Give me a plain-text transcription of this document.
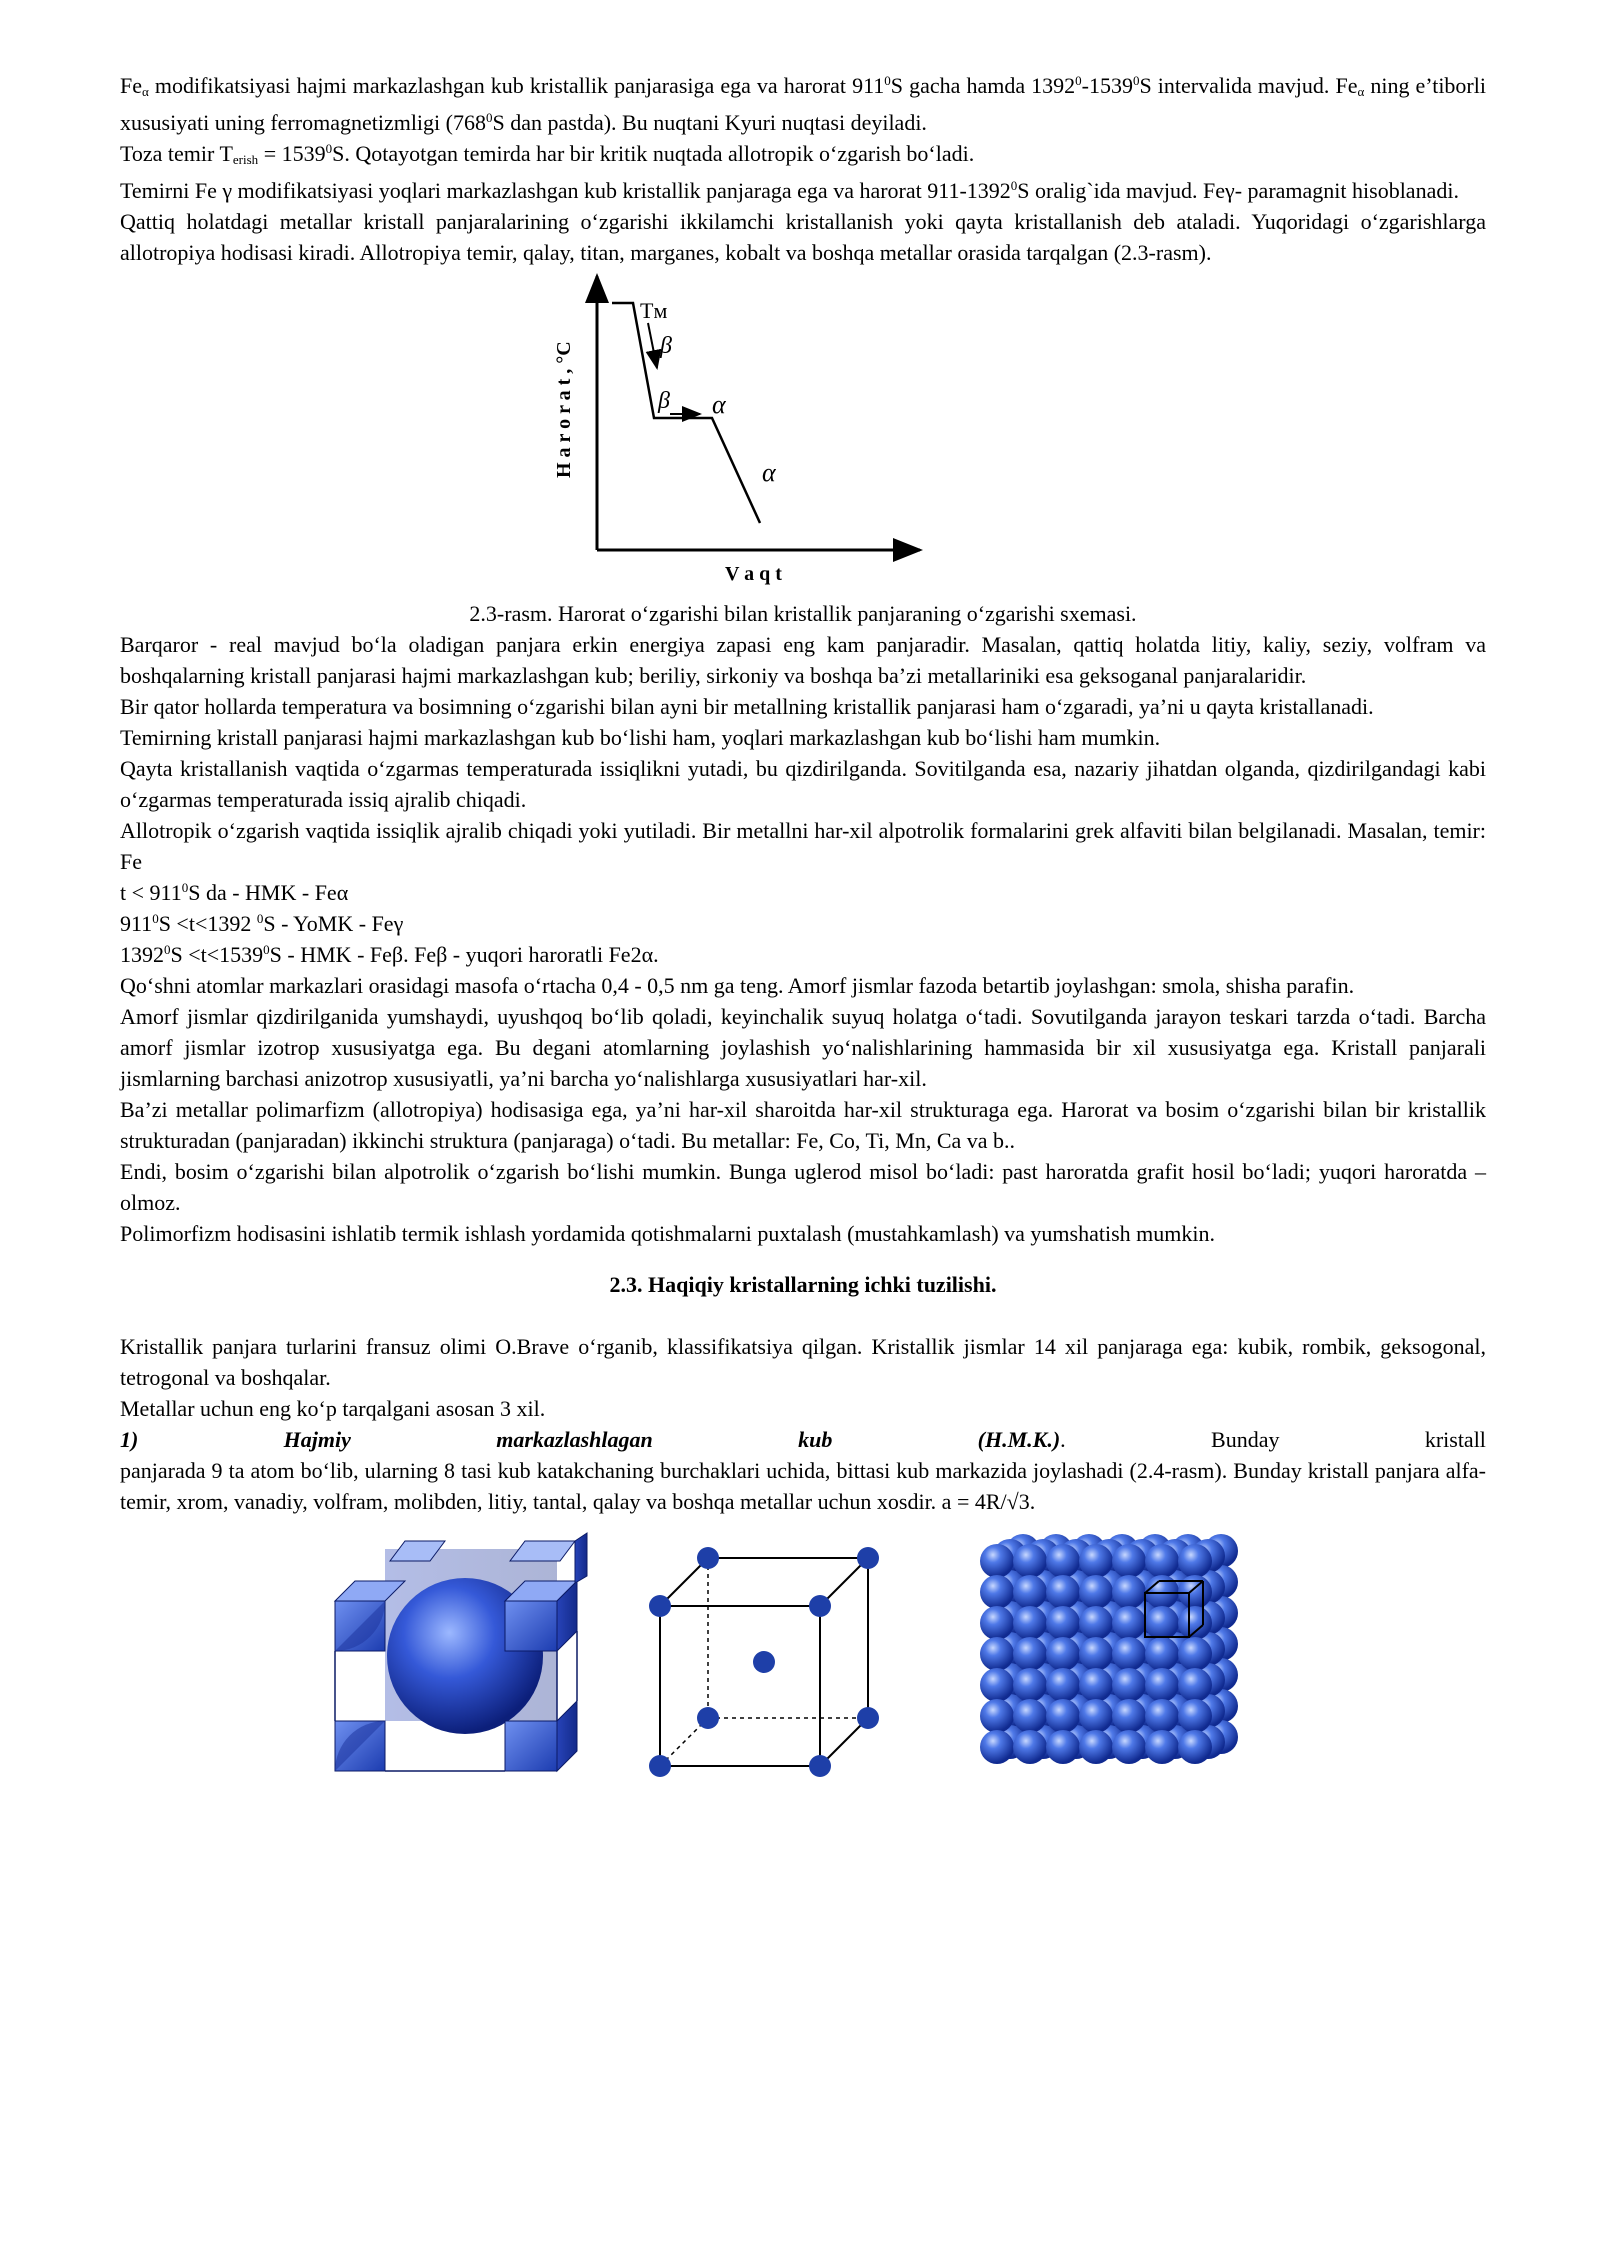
$Fe_\alpha$ modifikatsiyasi hajmi markazlashgan kub kristallik panjarasiga ega va harorat $911^0S$ gacha hamda 1392$^0$-1539$^0$S intervalida mavjud. $Fe_\alpha$ ning e’tiborli xususiyati uning ferromagnetizmligi ($768^0S$ dan pastda). Bu nuqtani Kyuri nuqtasi deyiladi.

Toza temir $T_{erish} = 1539^0S$. Qotayotgan temirda har bir kritik nuqtada allotropik o‘zgarish bo‘ladi.

Temirni Fe γ modifikatsiyasi yoqlari markazlashgan kub kristallik panjaraga ega va harorat 911-1392$^0$S oralig`ida mavjud. Feγ- paramagnit hisoblanadi.

Qattiq holatdagi metallar kristall panjaralarining o‘zgarishi ikkilamchi kristallanish yoki qayta kristallanish deb ataladi. Yuqoridagi o‘zgarishlarga allotropiya hodisasi kiradi. Allotropiya temir, qalay, titan, marganes, kobalt va boshqa metallar orasida tarqalgan (2.3-rasm).

Tм
β
β α
α
H a r o r a t , °C
V a q t

2.3-rasm. Harorat o‘zgarishi bilan kristallik panjaraning o‘zgarishi sxemasi.

Barqaror - real mavjud bo‘la oladigan panjara erkin energiya zapasi eng kam panjaradir. Masalan, qattiq holatda litiy, kaliy, seziy, volfram va boshqalarning kristall panjarasi hajmi markazlashgan kub; beriliy, sirkoniy va boshqa ba’zi metallariniki esa geksoganal panjaralaridir.

Bir qator hollarda temperatura va bosimning o‘zgarishi bilan ayni bir metallning kristallik panjarasi ham o‘zgaradi, ya’ni u qayta kristallanadi.

Temirning kristall panjarasi hajmi markazlashgan kub bo‘lishi ham, yoqlari markazlashgan kub bo‘lishi ham mumkin.

Qayta kristallanish vaqtida o‘zgarmas temperaturada issiqlikni yutadi, bu qizdirilganda. Sovitilganda esa, nazariy jihatdan olganda, qizdirilgandagi kabi o‘zgarmas temperaturada issiq ajralib chiqadi.

Allotropik o‘zgarish vaqtida issiqlik ajralib chiqadi yoki yutiladi. Bir metallni har-xil alpotrolik formalarini grek alfaviti bilan belgilanadi. Masalan, temir: Fe

$t < 911^0S$ da - HMK - Feα

$911^0S <t<1392$ $^0$S - YoMK - Feγ

$1392^0S <t<1539^0S$ - HMK - Feβ. Feβ - yuqori haroratli Fe2α.

Qo‘shni atomlar markazlari orasidagi masofa o‘rtacha 0,4 - 0,5 nm ga teng. Amorf jismlar fazoda betartib joylashgan: smola, shisha parafin.

Amorf jismlar qizdirilganida yumshaydi, uyushqoq bo‘lib qoladi, keyinchalik suyuq holatga o‘tadi. Sovutilganda jarayon teskari tarzda o‘tadi. Barcha amorf jismlar izotrop xususiyatga ega. Bu degani atomlarning joylashish yo‘nalishlarining hammasida bir xil xususiyatga ega. Kristall panjarali jismlarning barchasi anizotrop xususiyatli, ya’ni barcha yo‘nalishlarga xususiyatlari har-xil.

Ba’zi metallar polimarfizm (allotropiya) hodisasiga ega, ya’ni har-xil sharoitda har-xil strukturaga ega. Harorat va bosim o‘zgarishi bilan bir kristallik strukturadan (panjaradan) ikkinchi struktura (panjaraga) o‘tadi. Bu metallar: Fe, Co, Ti, Mn, Ca va b..

Endi, bosim o‘zgarishi bilan alpotrolik o‘zgarish bo‘lishi mumkin. Bunga uglerod misol bo‘ladi: past haroratda grafit hosil bo‘ladi; yuqori haroratda – olmoz.

Polimorfizm hodisasini ishlatib termik ishlash yordamida qotishmalarni puxtalash (mustahkamlash) va yumshatish mumkin.

2.3. Haqiqiy kristallarning ichki tuzilishi.

Kristallik panjara turlarini fransuz olimi O.Brave o‘rganib, klassifikatsiya qilgan. Kristallik jismlar 14 xil panjaraga ega: kubik, rombik, geksogonal, tetrogonal va boshqalar.

Metallar uchun eng ko‘p tarqalgani asosan 3 xil.

1)	Hajmiy	markazlashlagan	kub	(H.M.K.).	Bunday	kristall

panjarada 9 ta atom bo‘lib, ularning 8 tasi kub katakchaning burchaklari uchida, bittasi kub markazida joylashadi (2.4-rasm). Bunday kristall panjara alfa-temir, xrom, vanadiy, volfram, molibden, litiy, tantal, qalay va boshqa metallar uchun xosdir. a = 4R/√3.
